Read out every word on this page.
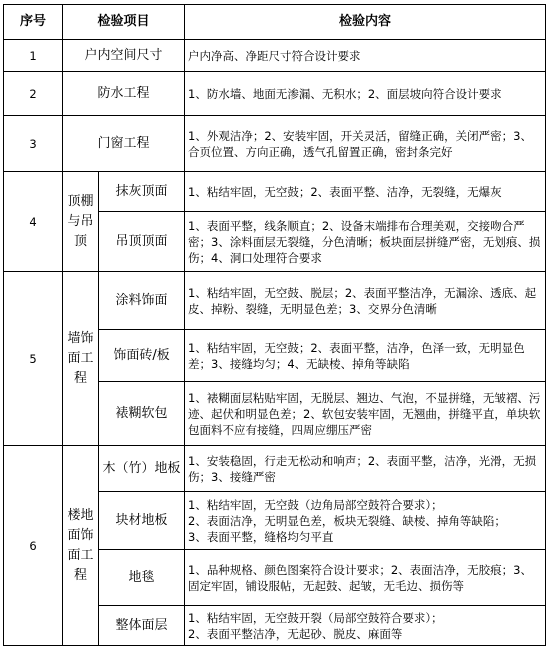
序号	检验项目		检验内容
1	户内空间尺寸		户内净高、净距尺寸符合设计要求
2	防水工程		1、防水墙、地面无渗漏、无积水；2、面层坡向符合设计要求
3	门窗工程		1、外观洁净；2、安装牢固，开关灵活，留缝正确，关闭严密；3、合页位置、方向正确，透气孔留置正确，密封条完好
4	顶棚与吊顶	抹灰顶面	1、粘结牢固，无空鼓；2、表面平整、洁净，无裂缝，无爆灰
		吊顶顶面	1、表面平整，线条顺直；2、设备末端排布合理美观，交接吻合严密；3、涂料面层无裂缝，分色清晰；板块面层拼缝严密，无划痕、损伤；4、洞口处理符合要求
5	墙饰面工程	涂料饰面	1、粘结牢固，无空鼓、脱层；2、表面平整洁净，无漏涂、透底、起皮、掉粉、裂缝，无明显色差；3、交界分色清晰
		饰面砖/板	1、粘结牢固，无空鼓；2、表面平整，洁净，色泽一致，无明显色差；3、接缝均匀；4、无缺棱、掉角等缺陷
		裱糊软包	1、裱糊面层粘贴牢固，无脱层、翘边、气泡，不显拼缝，无皱褶、污迹、起伏和明显色差；2、软包安装牢固，无翘曲，拼缝平直，单块软包面料不应有接缝，四周应绷压严密
6	楼地面饰面工程	木（竹）地板	1、安装稳固，行走无松动和响声；2、表面平整，洁净，光滑，无损伤；3、接缝严密
		块材地板	1、粘结牢固，无空鼓（边角局部空鼓符合要求）；
2、表面洁净，无明显色差，板块无裂缝、缺棱、掉角等缺陷；
3、表面平整，缝格均匀平直

		地毯	1、品种规格、颜色图案符合设计要求；2、表面洁净，无胶痕；3、固定牢固，铺设服帖，无起鼓、起皱，无毛边、损伤等
		整体面层	1、粘结牢固，无空鼓开裂（局部空鼓符合要求）；
2、表面平整洁净，无起砂、脱皮、麻面等
